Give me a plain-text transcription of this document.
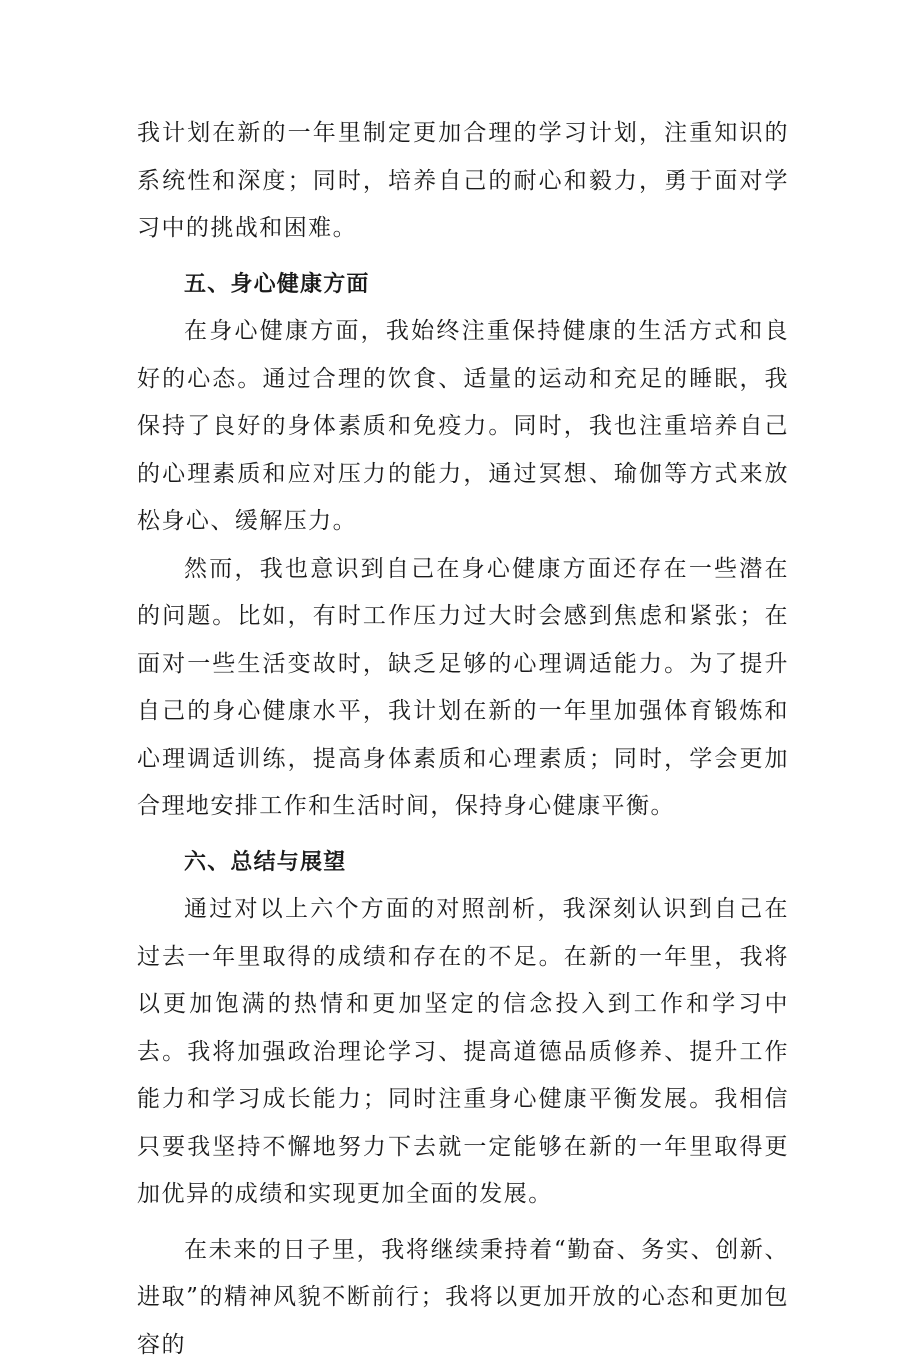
我计划在新的一年里制定更加合理的学习计划，注重知识的系统性和深度；同时，培养自己的耐心和毅力，勇于面对学习中的挑战和困难。

五、身心健康方面

在身心健康方面，我始终注重保持健康的生活方式和良好的心态。通过合理的饮食、适量的运动和充足的睡眠，我保持了良好的身体素质和免疫力。同时，我也注重培养自己的心理素质和应对压力的能力，通过冥想、瑜伽等方式来放松身心、缓解压力。

然而，我也意识到自己在身心健康方面还存在一些潜在的问题。比如，有时工作压力过大时会感到焦虑和紧张；在面对一些生活变故时，缺乏足够的心理调适能力。为了提升自己的身心健康水平，我计划在新的一年里加强体育锻炼和心理调适训练，提高身体素质和心理素质；同时，学会更加合理地安排工作和生活时间，保持身心健康平衡。

六、总结与展望

通过对以上六个方面的对照剖析，我深刻认识到自己在过去一年里取得的成绩和存在的不足。在新的一年里，我将以更加饱满的热情和更加坚定的信念投入到工作和学习中去。我将加强政治理论学习、提高道德品质修养、提升工作能力和学习成长能力；同时注重身心健康平衡发展。我相信只要我坚持不懈地努力下去就一定能够在新的一年里取得更加优异的成绩和实现更加全面的发展。

在未来的日子里，我将继续秉持着“勤奋、务实、创新、进取”的精神风貌不断前行；我将以更加开放的心态和更加包容的
